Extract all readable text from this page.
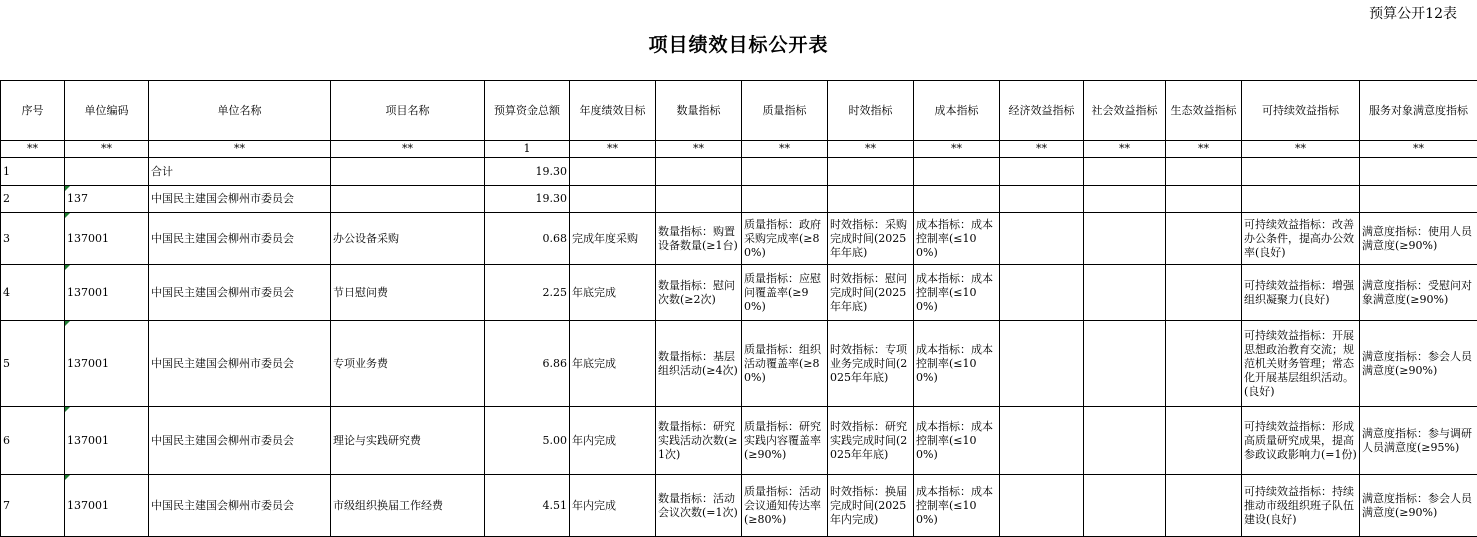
预算公开12表
项目绩效目标公开表
序号	单位编码	单位名称	项目名称	预算资金总额	年度绩效目标	数量指标	质量指标	时效指标	成本指标	经济效益指标	社会效益指标	生态效益指标	可持续效益指标	服务对象满意度指标
**	**	**	**	1	**	**	**	**	**	**	**	**	**	**
1		合计		19.30										
2	137	中国民主建国会柳州市委员会		19.30										
3	137001	中国民主建国会柳州市委员会	办公设备采购	0.68	完成年度采购	数量指标：购置设备数量(≥1台)	质量指标：政府采购完成率(≥80%)	时效指标：采购完成时间(2025年年底)	成本指标：成本控制率(≤100%)				可持续效益指标：改善办公条件，提高办公效率(良好)	满意度指标：使用人员满意度(≥90%)
4	137001	中国民主建国会柳州市委员会	节日慰问费	2.25	年底完成	数量指标：慰问次数(≥2次)	质量指标：应慰问覆盖率(≥90%)	时效指标：慰问完成时间(2025年年底)	成本指标：成本控制率(≤100%)				可持续效益指标：增强组织凝聚力(良好)	满意度指标：受慰问对象满意度(≥90%)
5	137001	中国民主建国会柳州市委员会	专项业务费	6.86	年底完成	数量指标：基层组织活动(≥4次)	质量指标：组织活动覆盖率(≥80%)	时效指标：专项业务完成时间(2025年年底)	成本指标：成本控制率(≤100%)				可持续效益指标：开展思想政治教育交流；规范机关财务管理；常态化开展基层组织活动。(良好)	满意度指标：参会人员满意度(≥90%)
6	137001	中国民主建国会柳州市委员会	理论与实践研究费	5.00	年内完成	数量指标：研究实践活动次数(≥1次)	质量指标：研究实践内容覆盖率(≥90%)	时效指标：研究实践完成时间(2025年年底)	成本指标：成本控制率(≤100%)				可持续效益指标：形成高质量研究成果，提高参政议政影响力(=1份)	满意度指标：参与调研人员满意度(≥95%)
7	137001	中国民主建国会柳州市委员会	市级组织换届工作经费	4.51	年内完成	数量指标：活动会议次数(=1次)	质量指标：活动会议通知传达率(≥80%)	时效指标：换届完成时间(2025年内完成)	成本指标：成本控制率(≤100%)				可持续效益指标：持续推动市级组织班子队伍建设(良好)	满意度指标：参会人员满意度(≥90%)
